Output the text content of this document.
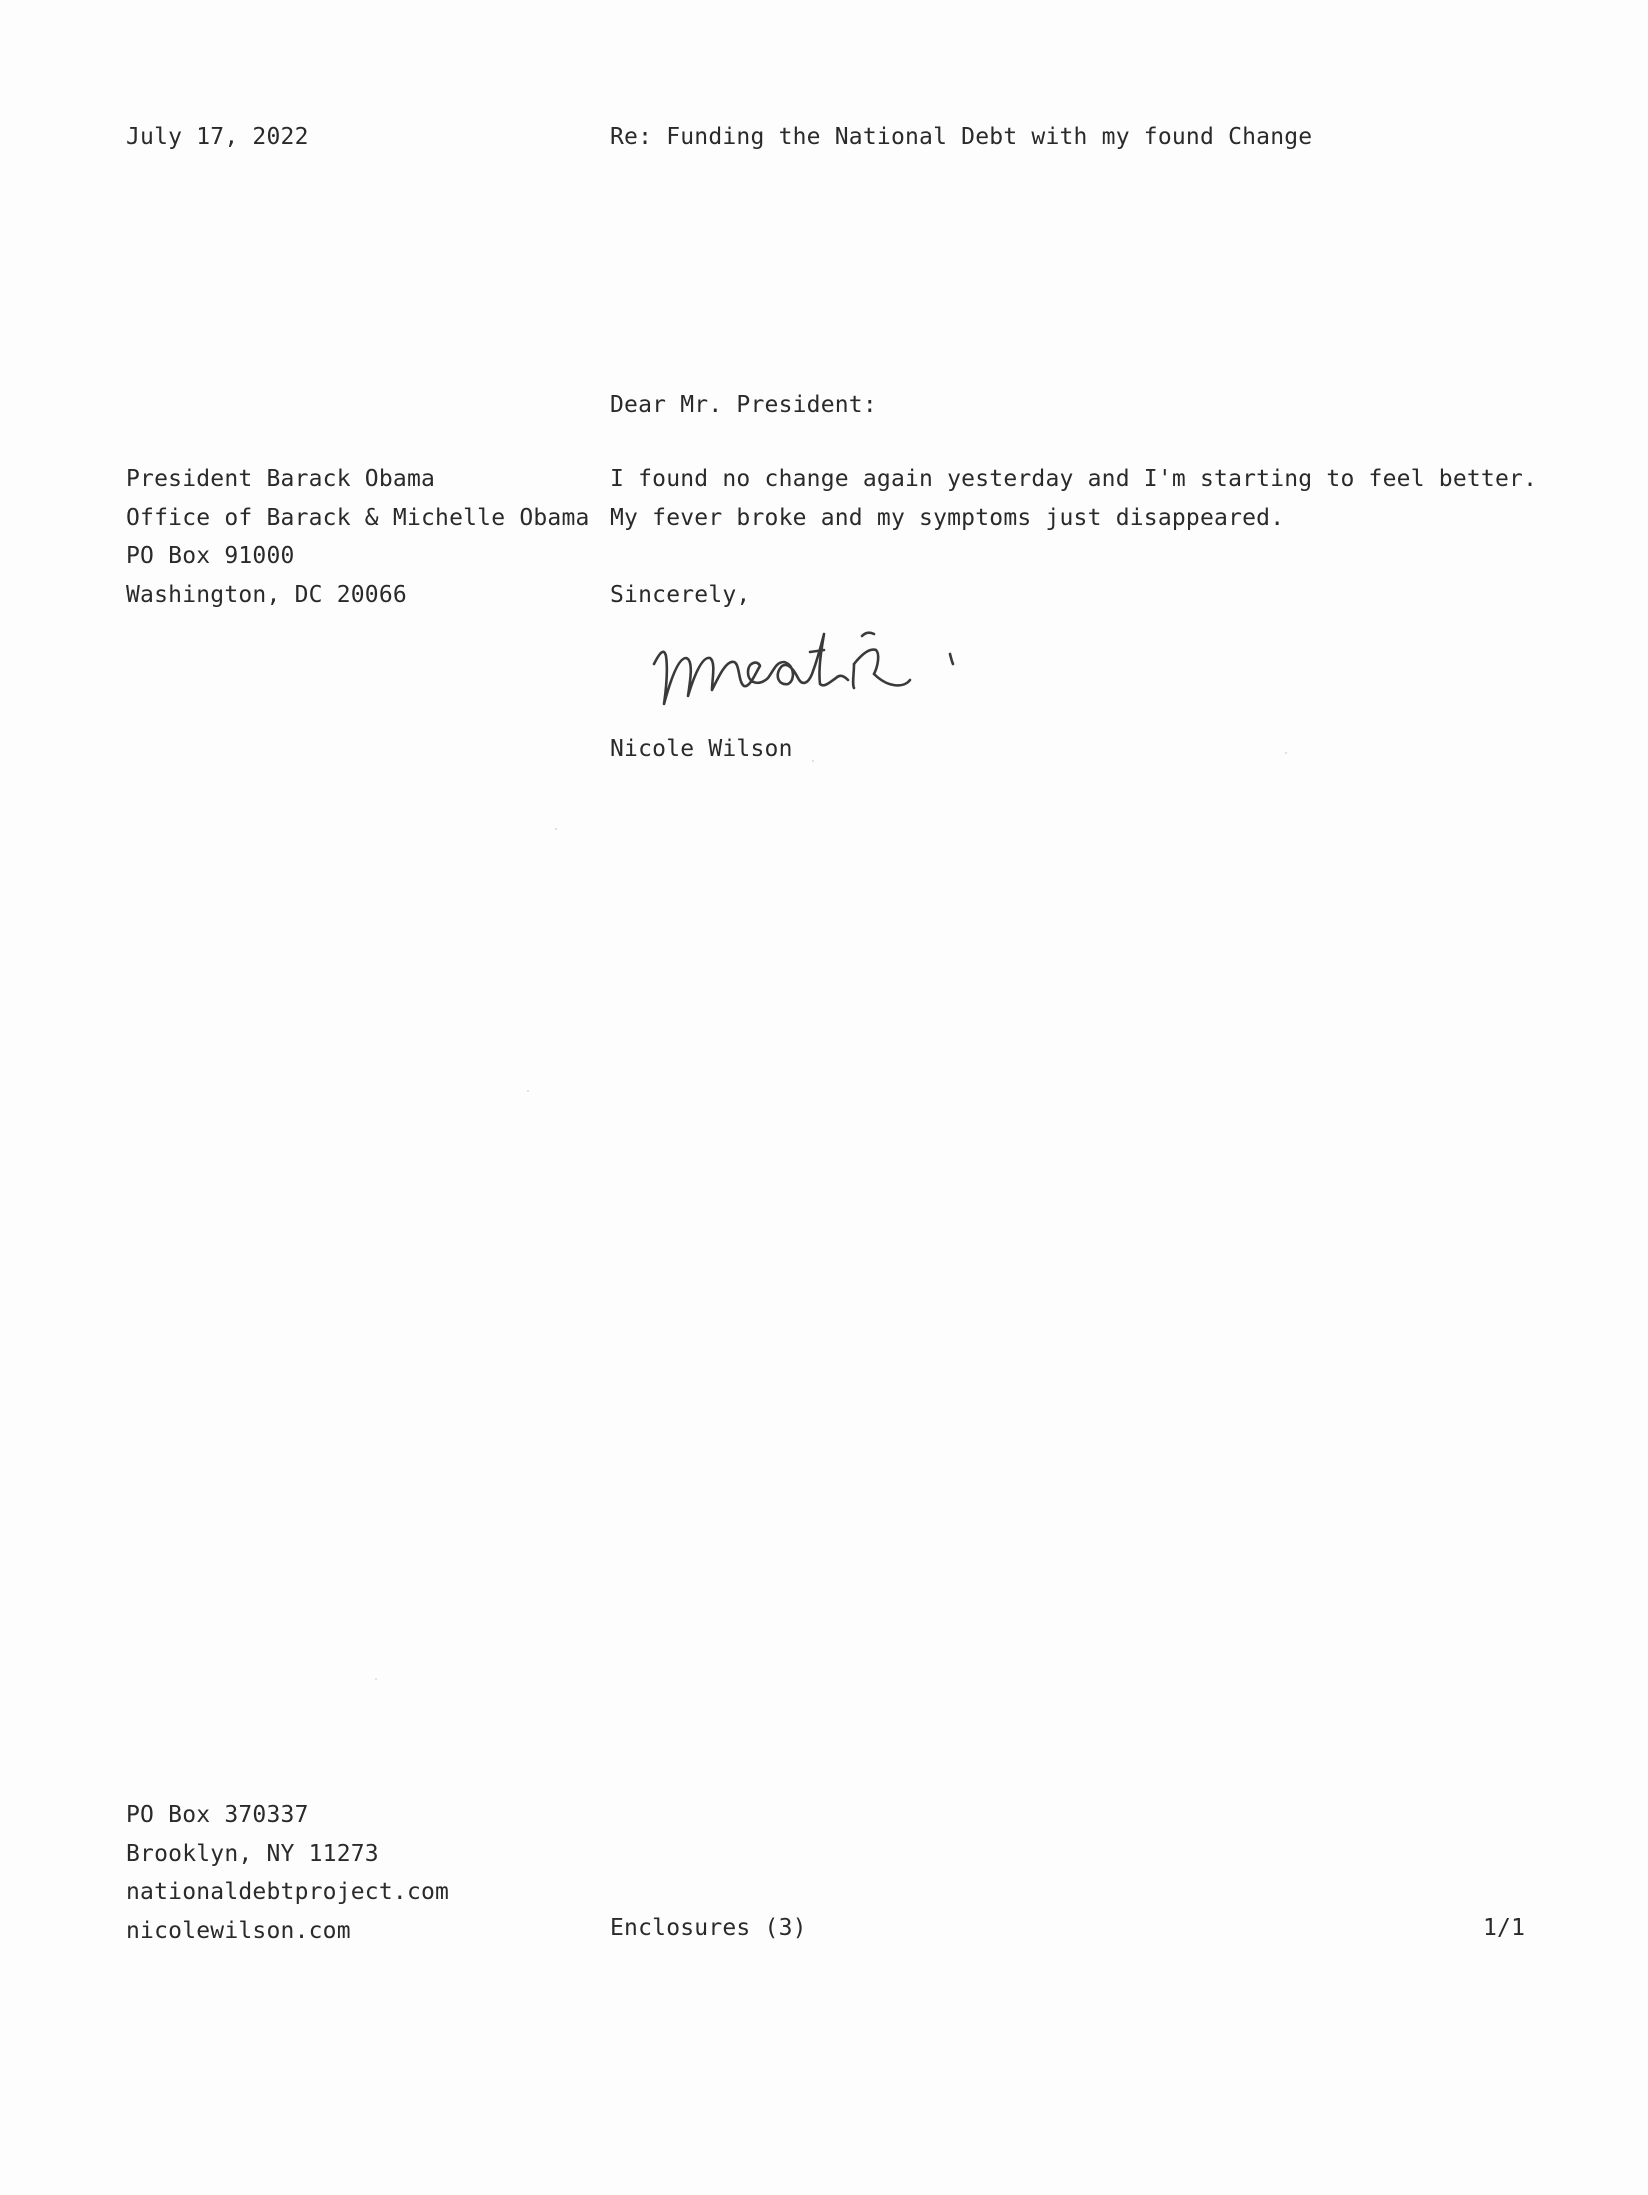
July 17, 2022	Re: Funding the National Debt with my found Change
Dear Mr. President:
President Barack Obama
Office of Barack & Michelle Obama
PO Box 91000
Washington, DC 20066
I found no change again yesterday and I'm starting to feel better.
My fever broke and my symptoms just disappeared.
Sincerely,
Nicole Wilson
PO Box 370337
Brooklyn, NY 11273
nationaldebtproject.com
nicolewilson.com	Enclosures (3)	1/1
